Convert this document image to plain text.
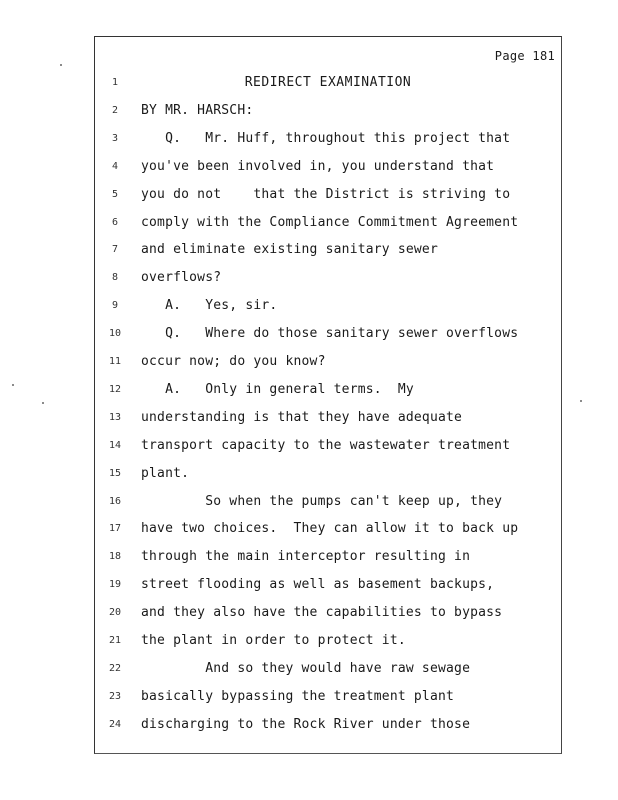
Page 181
1	REDIRECT EXAMINATION
2	BY MR. HARSCH:
3	Q.   Mr. Huff, throughout this project that
4	you've been involved in, you understand that
5	you do not    that the District is striving to
6	comply with the Compliance Commitment Agreement
7	and eliminate existing sanitary sewer
8	overflows?
9	A.   Yes, sir.
10	Q.   Where do those sanitary sewer overflows
11	occur now; do you know?
12	A.   Only in general terms.  My
13	understanding is that they have adequate
14	transport capacity to the wastewater treatment
15	plant.
16	So when the pumps can't keep up, they
17	have two choices.  They can allow it to back up
18	through the main interceptor resulting in
19	street flooding as well as basement backups,
20	and they also have the capabilities to bypass
21	the plant in order to protect it.
22	And so they would have raw sewage
23	basically bypassing the treatment plant
24	discharging to the Rock River under those
